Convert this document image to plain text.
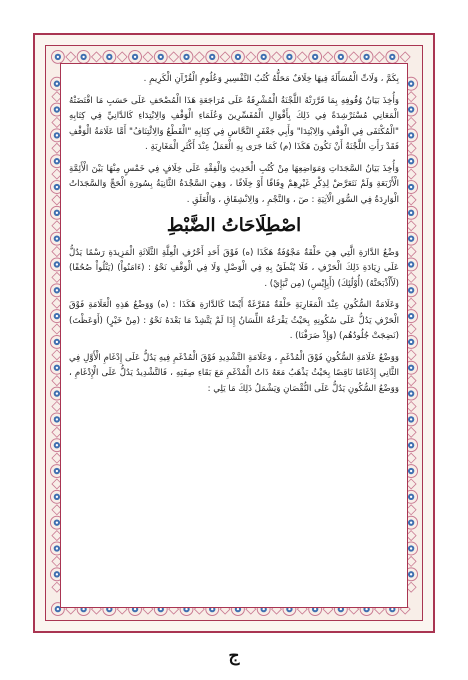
بِكَمَّ ، وَلَاتِّ الْمُسَأَلَةَ فِيهَا خِلَافٌ مَحَلُّهُ كُتُبُ التَّفْسِيرِ وَعُلُومِ الْقُرْآنِ الْكَرِيمِ .

وَأُخِذَ بَيَانُ وُقُوفِهِ بِمَا قَرَّرَتْهُ اللَّجْنَةُ الْمُشْرِفَةُ عَلَى مُرَاجَعَةِ هَذَا الْمُصْحَفِ عَلَى حَسَبِ مَا اقْتَضَتْهُ الْمَعَانِي مُسْتَرْشِدَةً فِي ذَلِكَ بِأَقْوَالِ الْمُفَسِّرِينَ وَعُلَمَاءِ الْوَقْفِ وَالِابْتِدَاءِ كَالدَّانِيِّ فِي كِتَابِهِ "الْمُكْتَفَى فِي الْوَقْفِ وَالِابْتِدَا" وَأَبِي جَعْفَرٍ النَّحَّاسِ فِي كِتَابِهِ "الْقَطْعُ وَالِائْتِنَافُ" أَمَّا عَلَامَةُ الْوَقْفِ فَقَدْ رَأَتِ اللَّجْنَةُ أَنْ تَكُونَ هَكَذَا (م) كَمَا جَرَى بِهِ الْعَمَلُ عِنْدَ أَكْثَرِ الْمَغَارِبَةِ .

وَأُخِذَ بَيَانُ السَّجَدَاتِ وَمَوَاضِعِهَا مِنْ كُتُبِ الْحَدِيثِ وَالْفِقْهِ عَلَى خِلَافٍ فِي خَمْسٍ مِنْهَا بَيْنَ الْأَئِمَّةِ الْأَرْبَعَةِ وَلَمْ نَتَعَرَّضْ لِذِكْرِ غَيْرِهِمْ وِفَاقًا أَوْ خِلَافًا ، وَهِيَ السَّجْدَةُ الثَّانِيَةُ بِسُورَةِ الْحَجِّ وَالسَّجَدَاتُ الْوَارِدَةُ فِي السُّوَرِ الْآتِيَةِ : صٓ ، وَالنَّجْمِ ، وَالِانْشِقَاقِ ، وَالْعَلَقِ .

اصْطِلَاحَاتُ الضَّبْطِ

وَضْعُ الدَّارَةِ الَّتِي هِيَ حَلْقَةٌ مَجْوُفَةٌ هَكَذَا (ه) فَوْقَ أَحَدِ أَحْرُفِ الْعِلَّةِ الثَّلَاثَةِ الْمَزِيدَةِ رَسْمًا يَدُلُّ عَلَى زِيَادَةِ ذَلِكَ الْحَرْفِ ، فَلَا يُنْطَقُ بِهِ فِي الْوَصْلِ وَلَا فِي الْوَقْفِ نَحْوُ : (ءَامَنُواْ) (يَتْلُواْ صُحُفًا) (لَأَاْذْبَحَنَّهُ) (أُوْلَٰئِكَ) (أَبِإِيْسِ) (مِن نَّبَإِيْ) .

وَعَلَامَةُ السُّكُونِ عِنْدَ الْمَغَارِبَةِ حَلْقَةٌ مُفَرَّغَةٌ أَيْضًا كَالدَّارَةِ هَكَذَا : (ه) وَوَضْعُ هَذِهِ الْعَلَامَةِ فَوْقَ الْحَرْفِ يَدُلُّ عَلَى سُكُونِهِ بِحَيْثُ يَقْرَعُهُ اللِّسَانُ إِذَا لَمْ يَتَّشِدْ مَا بَعْدَهُ نَحْوُ : (مِنْ خَيْرٍ) (أَوَعَظْتَ) (نَضِجَتْ جُلُودُهُم) (وَإِذْ صَرَفْنَا) .

وَوَضْعُ عَلَامَةِ السُّكُونِ فَوْقَ الْمُدْغَمِ ، وَعَلَامَةِ التَّشْدِيدِ فَوْقَ الْمُدْغَمِ فِيهِ يَدُلُّ عَلَى إِدْغَامِ الْأَوَّلِ فِي الثَّانِي إِدْغَامًا نَاقِصًا بِحَيْثُ يَذْهَبُ مَعَهُ ذَاتُ الْمُدْغَمِ مَعَ بَقَاءِ صِفَتِهِ ، فَالتَّشْدِيدُ يَدُلُّ عَلَى الْإِدْغَامِ ، وَوَضْعُ السُّكُونِ يَدُلُّ عَلَى النُّقْصَانِ وَيَشْمَلُ ذَلِكَ مَا يَلِي :

ج
